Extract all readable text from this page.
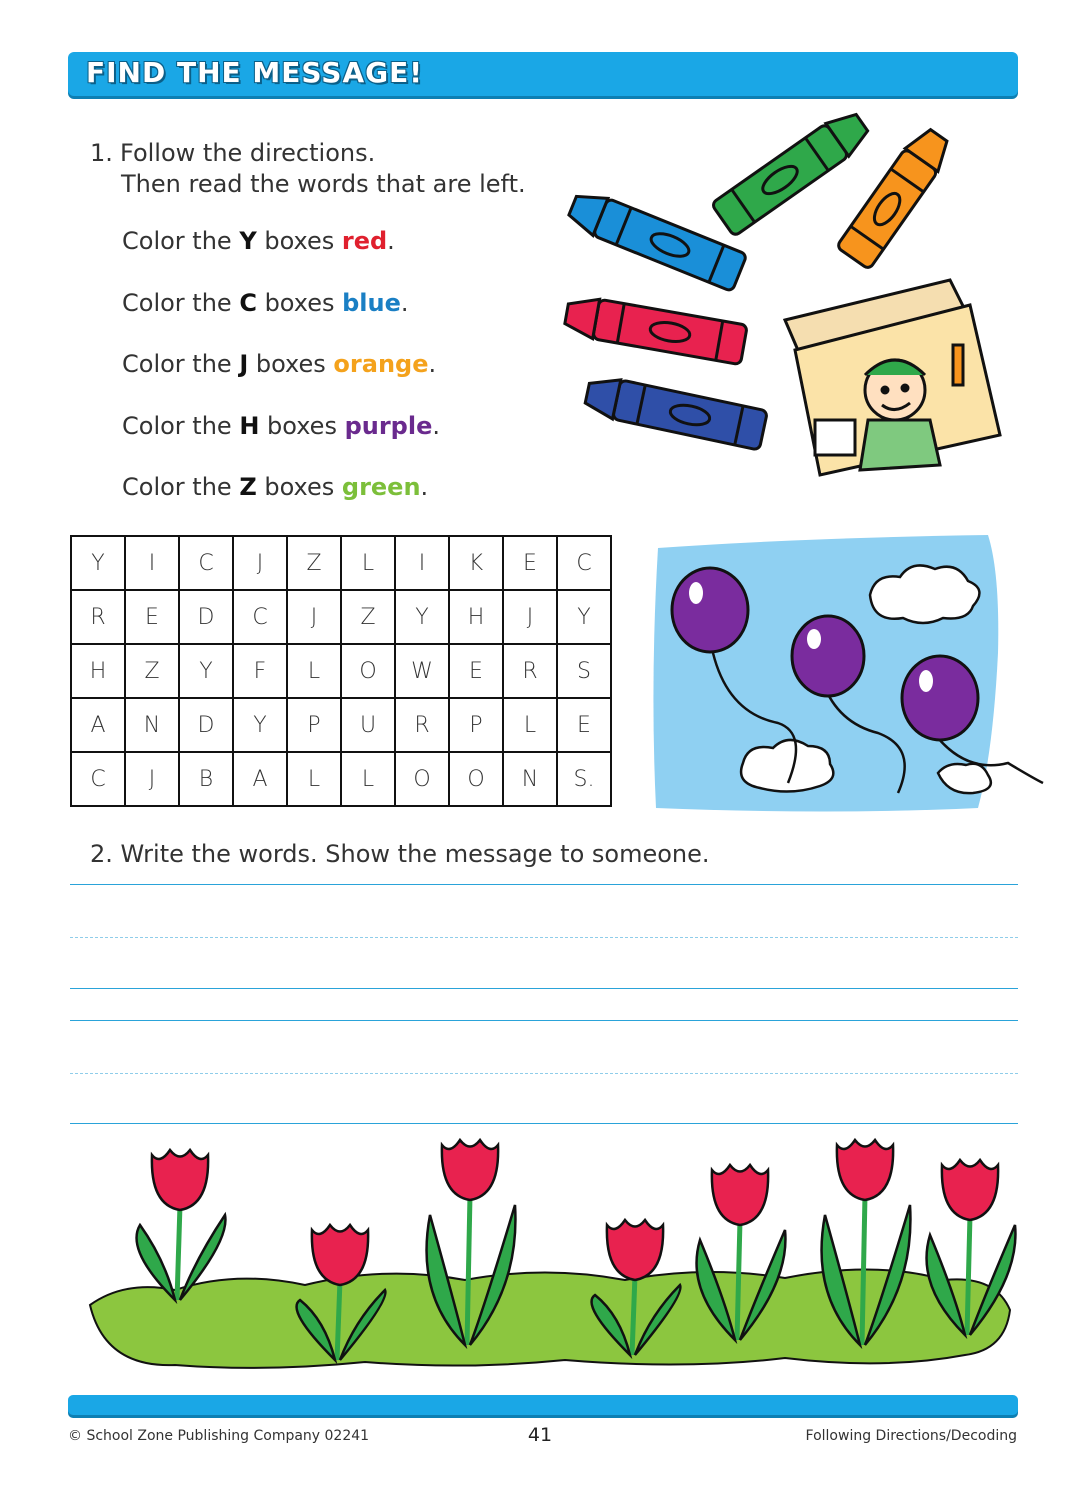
FIND THE MESSAGE!
1. Follow the directions.
Then read the words that are left.
Color the Y boxes red.
Color the C boxes blue.
Color the J boxes orange.
Color the H boxes purple.
Color the Z boxes green.
Y	I	C	J	Z	L	I	K	E	C
R	E	D	C	J	Z	Y	H	J	Y
H	Z	Y	F	L	O	W	E	R	S
A	N	D	Y	P	U	R	P	L	E
C	J	B	A	L	L	O	O	N	S.
2. Write the words. Show the message to someone.
© School Zone Publishing Company 02241	41	Following Directions/Decoding
